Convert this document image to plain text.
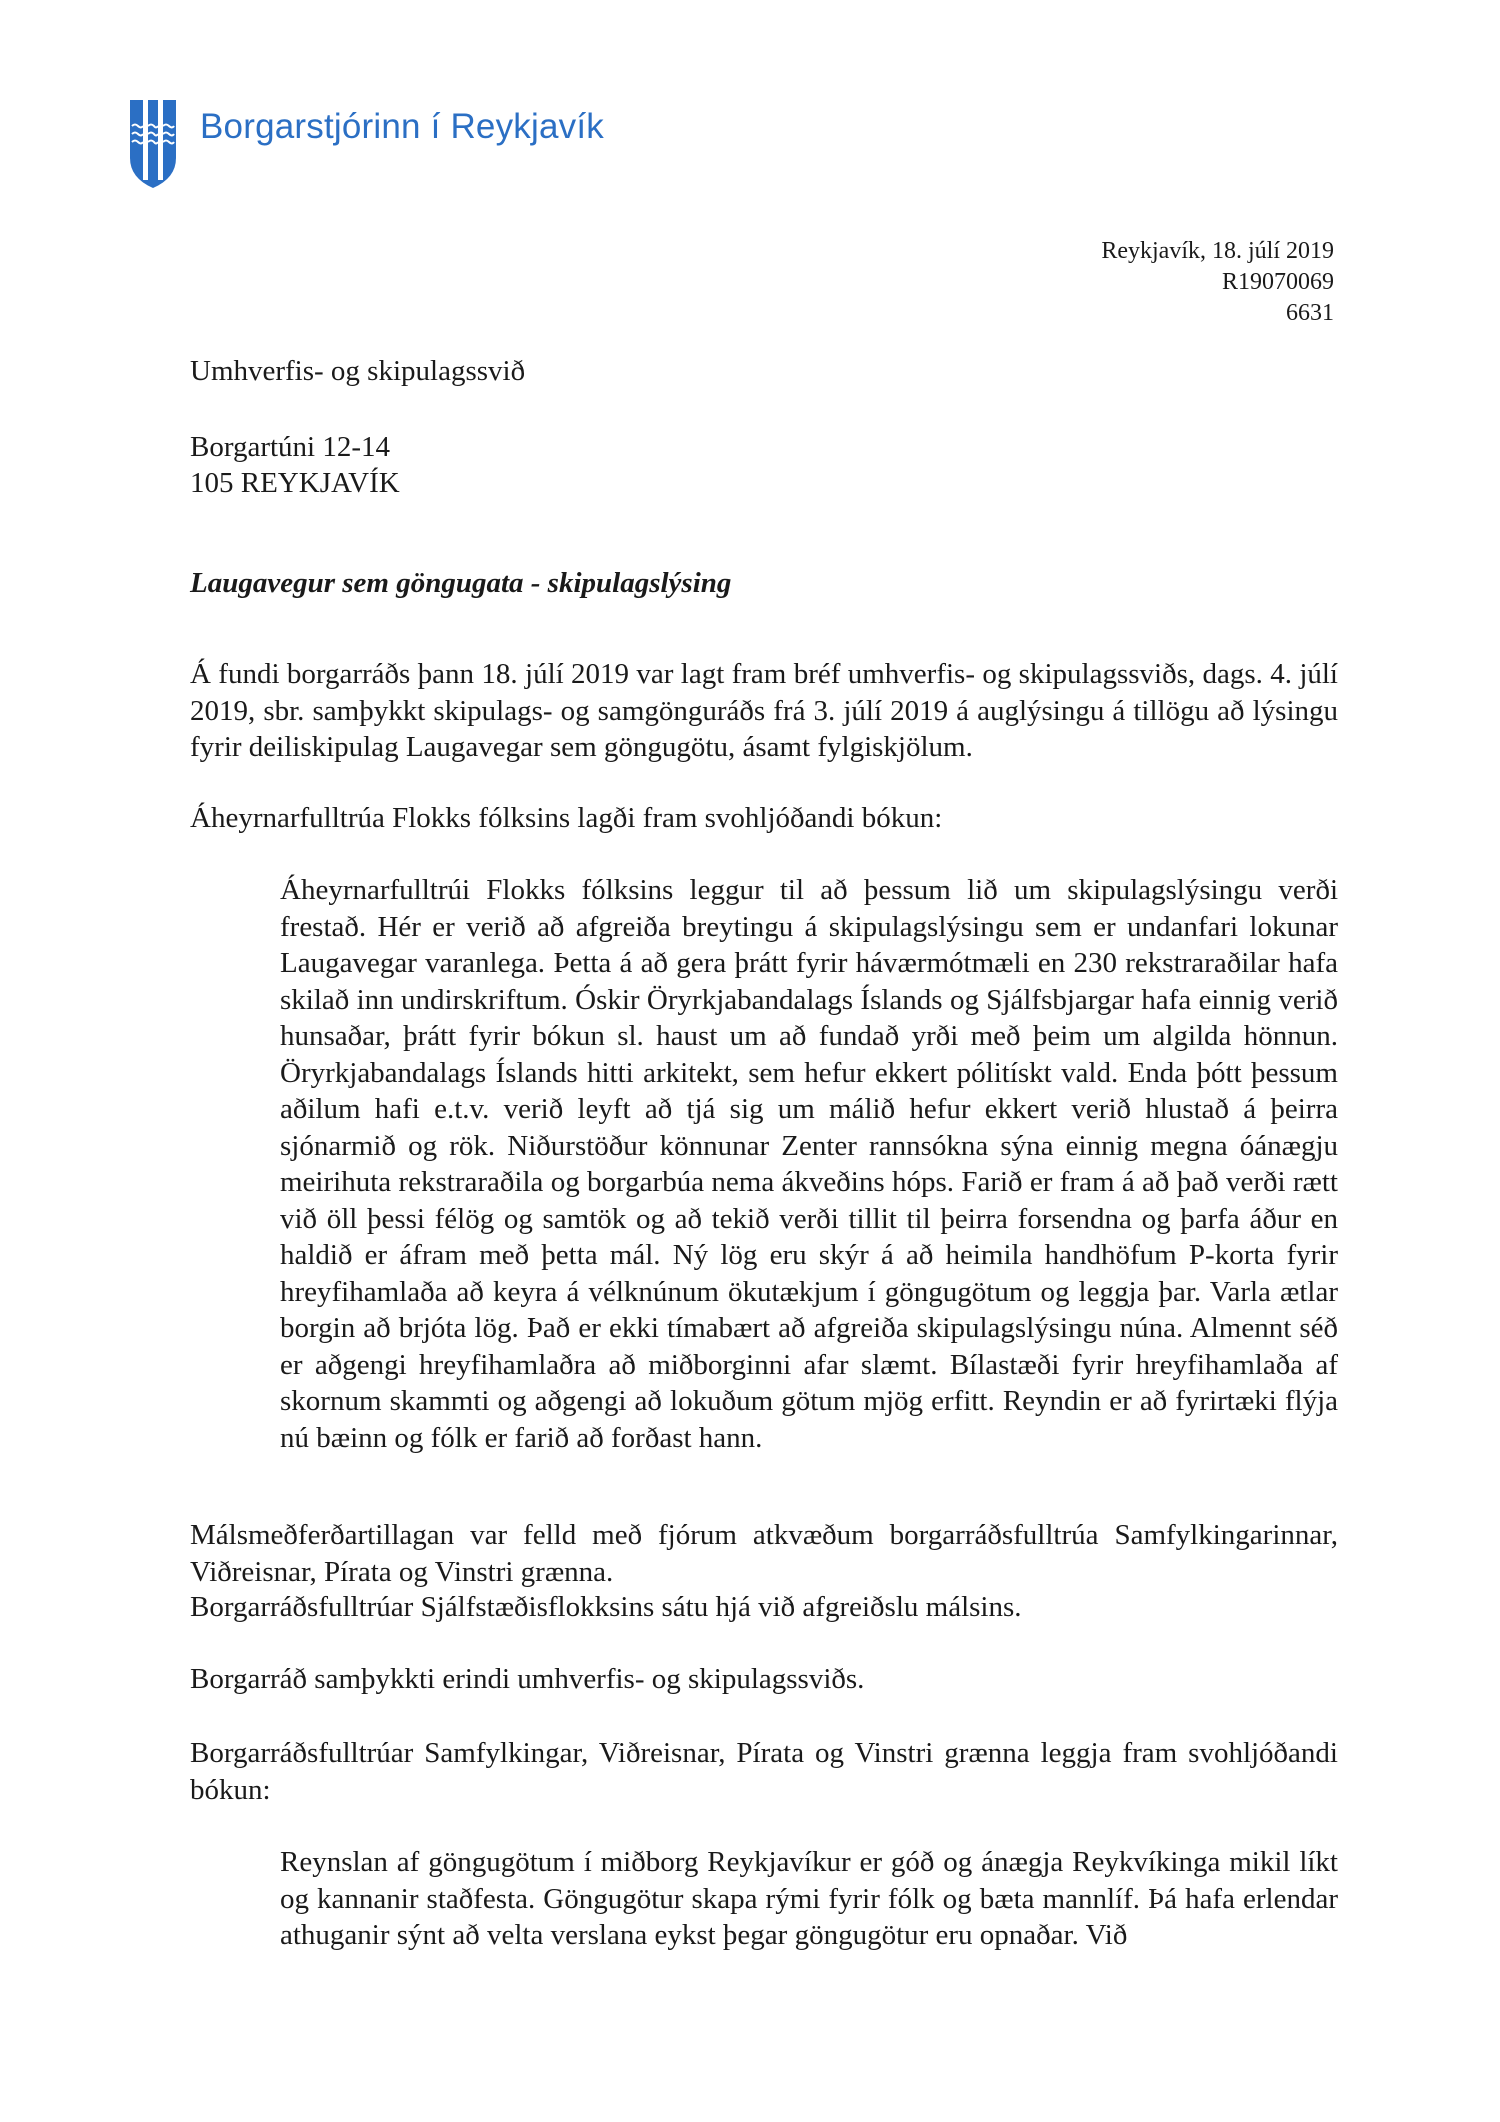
Borgarstjórinn í Reykjavík
Reykjavík, 18. júlí 2019
R19070069
6631
Umhverfis- og skipulagssvið
Borgartúni 12-14
105 REYKJAVÍK
Laugavegur sem göngugata - skipulagslýsing

Á fundi borgarráðs þann 18. júlí 2019 var lagt fram bréf umhverfis- og skipulagssviðs, dags. 4. júlí 2019, sbr. samþykkt skipulags- og samgönguráðs frá 3. júlí 2019 á auglýsingu á tillögu að lýsingu fyrir deiliskipulag Laugavegar sem göngugötu, ásamt fylgiskjölum.

Áheyrnarfulltrúa Flokks fólksins lagði fram svohljóðandi bókun:

Áheyrnarfulltrúi Flokks fólksins leggur til að þessum lið um skipulagslýsingu verði frestað. Hér er verið að afgreiða breytingu á skipulagslýsingu sem er undanfari lokunar Laugavegar varanlega. Þetta á að gera þrátt fyrir háværmótmæli en 230 rekstraraðilar hafa skilað inn undirskriftum. Óskir Öryrkjabandalags Íslands og Sjálfsbjargar hafa einnig verið hunsaðar, þrátt fyrir bókun sl. haust um að fundað yrði með þeim um algilda hönnun. Öryrkjabandalags Íslands hitti arkitekt, sem hefur ekkert pólitískt vald. Enda þótt þessum aðilum hafi e.t.v. verið leyft að tjá sig um málið hefur ekkert verið hlustað á þeirra sjónarmið og rök. Niðurstöður könnunar Zenter rannsókna sýna einnig megna óánægju meirihuta rekstraraðila og borgarbúa nema ákveðins hóps. Farið er fram á að það verði rætt við öll þessi félög og samtök og að tekið verði tillit til þeirra forsendna og þarfa áður en haldið er áfram með þetta mál. Ný lög eru skýr á að heimila handhöfum P-korta fyrir hreyfihamlaða að keyra á vélknúnum ökutækjum í göngugötum og leggja þar. Varla ætlar borgin að brjóta lög. Það er ekki tímabært að afgreiða skipulagslýsingu núna. Almennt séð er aðgengi hreyfihamlaðra að miðborginni afar slæmt. Bílastæði fyrir hreyfihamlaða af skornum skammti og aðgengi að lokuðum götum mjög erfitt. Reyndin er að fyrirtæki flýja nú bæinn og fólk er farið að forðast hann.

Málsmeðferðartillagan var felld með fjórum atkvæðum borgarráðsfulltrúa Samfylkingarinnar, Viðreisnar, Pírata og Vinstri grænna.

Borgarráðsfulltrúar Sjálfstæðisflokksins sátu hjá við afgreiðslu málsins.

Borgarráð samþykkti erindi umhverfis- og skipulagssviðs.

Borgarráðsfulltrúar Samfylkingar, Viðreisnar, Pírata og Vinstri grænna leggja fram svohljóðandi bókun:

Reynslan af göngugötum í miðborg Reykjavíkur er góð og ánægja Reykvíkinga mikil líkt og kannanir staðfesta. Göngugötur skapa rými fyrir fólk og bæta mannlíf. Þá hafa erlendar athuganir sýnt að velta verslana eykst þegar göngugötur eru opnaðar. Við
